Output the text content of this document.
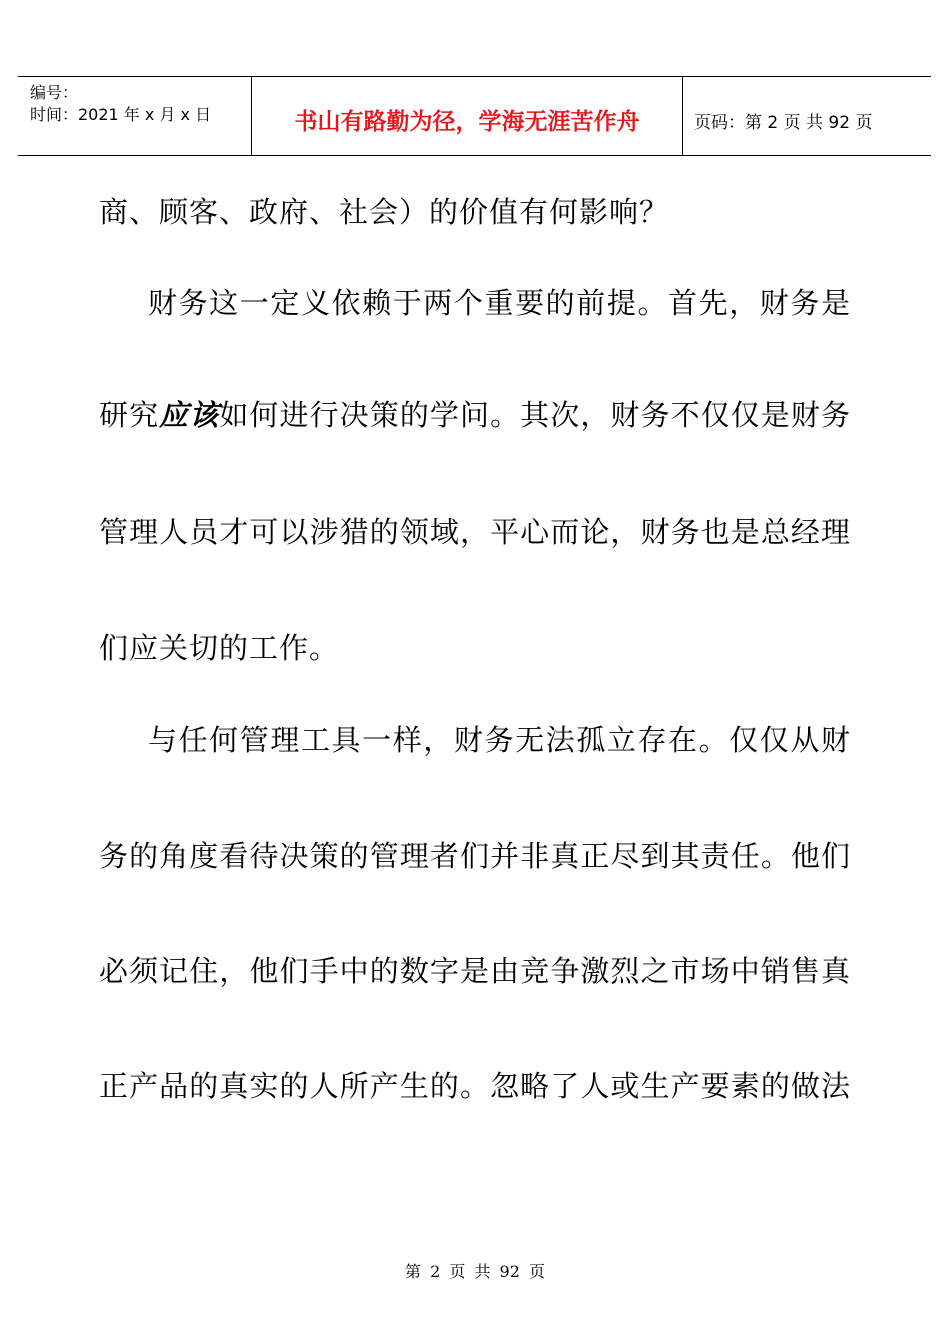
编号：
时间：2021 年 x 月 x 日	书山有路勤为径，学海无涯苦作舟	页码：第 2 页 共 92 页
商、顾客、政府、社会）的价值有何影响？
财务这一定义依赖于两个重要的前提。首先，财务是
研究应该如何进行决策的学问。其次，财务不仅仅是财务
管理人员才可以涉猎的领域，平心而论，财务也是总经理
们应关切的工作。
与任何管理工具一样，财务无法孤立存在。仅仅从财
务的角度看待决策的管理者们并非真正尽到其责任。他们
必须记住，他们手中的数字是由竞争激烈之市场中销售真
正产品的真实的人所产生的。忽略了人或生产要素的做法
第 2 页 共 92 页
